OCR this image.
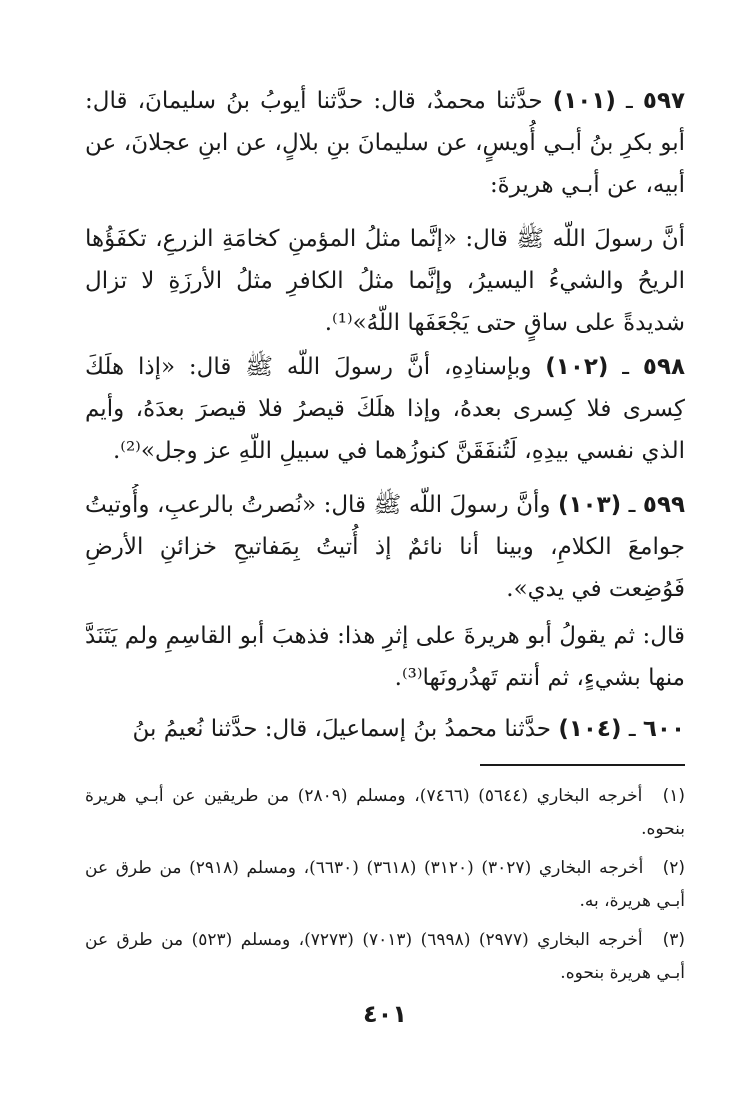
٥٩٧ ـ (١٠١) حدَّثنا محمدٌ، قال: حدَّثنا أيوبُ بنُ سليمانَ، قال: أبو بكرِ بنُ أبـي أُويسٍ، عن سليمانَ بنِ بلالٍ، عن ابنِ عجلانَ، عن أبيه، عن أبـي هريرةَ:

أنَّ رسولَ اللّه ﷺ قال: «إنَّما مثلُ المؤمنِ كخامَةِ الزرعِ، تكفَؤُها الريحُ والشيءُ اليسيرُ، وإنَّما مثلُ الكافرِ مثلُ الأرزَةِ لا تزال شديدةً على ساقٍ حتى يَجْعَفَها اللّهُ»⁽¹⁾.

٥٩٨ ـ (١٠٢) وبإسنادِهِ، أنَّ رسولَ اللّه ﷺ قال: «إذا هلَكَ كِسرى فلا كِسرى بعدهُ، وإذا هلَكَ قيصرُ فلا قيصرَ بعدَهُ، وأيم الذي نفسي بيدِهِ، لَتُنفَقَنَّ كنوزُهما في سبيلِ اللّهِ عز وجل»⁽²⁾.

٥٩٩ ـ (١٠٣) وأنَّ رسولَ اللّه ﷺ قال: «نُصرتُ بالرعبِ، وأُوتيتُ جوامعَ الكلامِ، وبينا أنا نائمٌ إذ أُتيتُ بِمَفاتيحِ خزائنِ الأرضِ فَوُضِعت في يدي».

قال: ثم يقولُ أبو هريرةَ على إثرِ هذا: فذهبَ أبو القاسِمِ ولم يَتَنَدَّ منها بشيءٍ، ثم أنتم تَهدُرونَها⁽³⁾.

٦٠٠ ـ (١٠٤) حدَّثنا محمدُ بنُ إسماعيلَ، قال: حدَّثنا نُعيمُ بنُ

(١) أخرجه البخاري (٥٦٤٤) (٧٤٦٦)، ومسلم (٢٨٠٩) من طريقين عن أبـي هريرة بنحوه.

(٢) أخرجه البخاري (٣٠٢٧) (٣١٢٠) (٣٦١٨) (٦٦٣٠)، ومسلم (٢٩١٨) من طرق عن أبـي هريرة، به.

(٣) أخرجه البخاري (٢٩٧٧) (٦٩٩٨) (٧٠١٣) (٧٢٧٣)، ومسلم (٥٢٣) من طرق عن أبـي هريرة بنحوه.

٤٠١
